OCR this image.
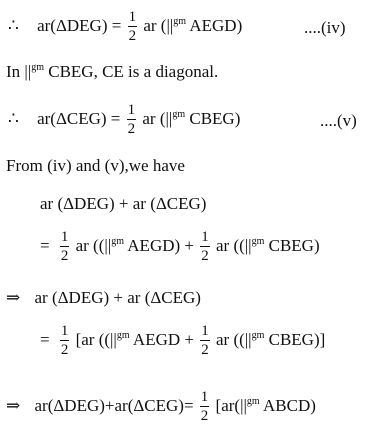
∴ $ar(\Delta DEG) = \frac{1}{2}$ ar ($||^{gm}$ AEGD)	....(iv)
In $||^{gm}$ CBEG, CE is a diagonal.
∴ $ar(\Delta CEG) = \frac{1}{2}$ ar ($||^{gm}$ CBEG)	....(v)
From (iv) and (v),we have
ar (ΔDEG) + ar (ΔCEG)
= $\frac{1}{2}$ ar (($||^{gm}$ AEGD) + $\frac{1}{2}$ ar (($||^{gm}$ CBEG)
⇒ ar (ΔDEG) + ar (ΔCEG)
= $\frac{1}{2} [ar$ (($||^{gm}$ AEGD + $\frac{1}{2}$ ar (($||^{gm}$ CBEG)]
⇒ $ar(\Delta DEG)+ar(\Delta CEG)= \frac{1}{2} [ar(||^{gm}$ ABCD)
